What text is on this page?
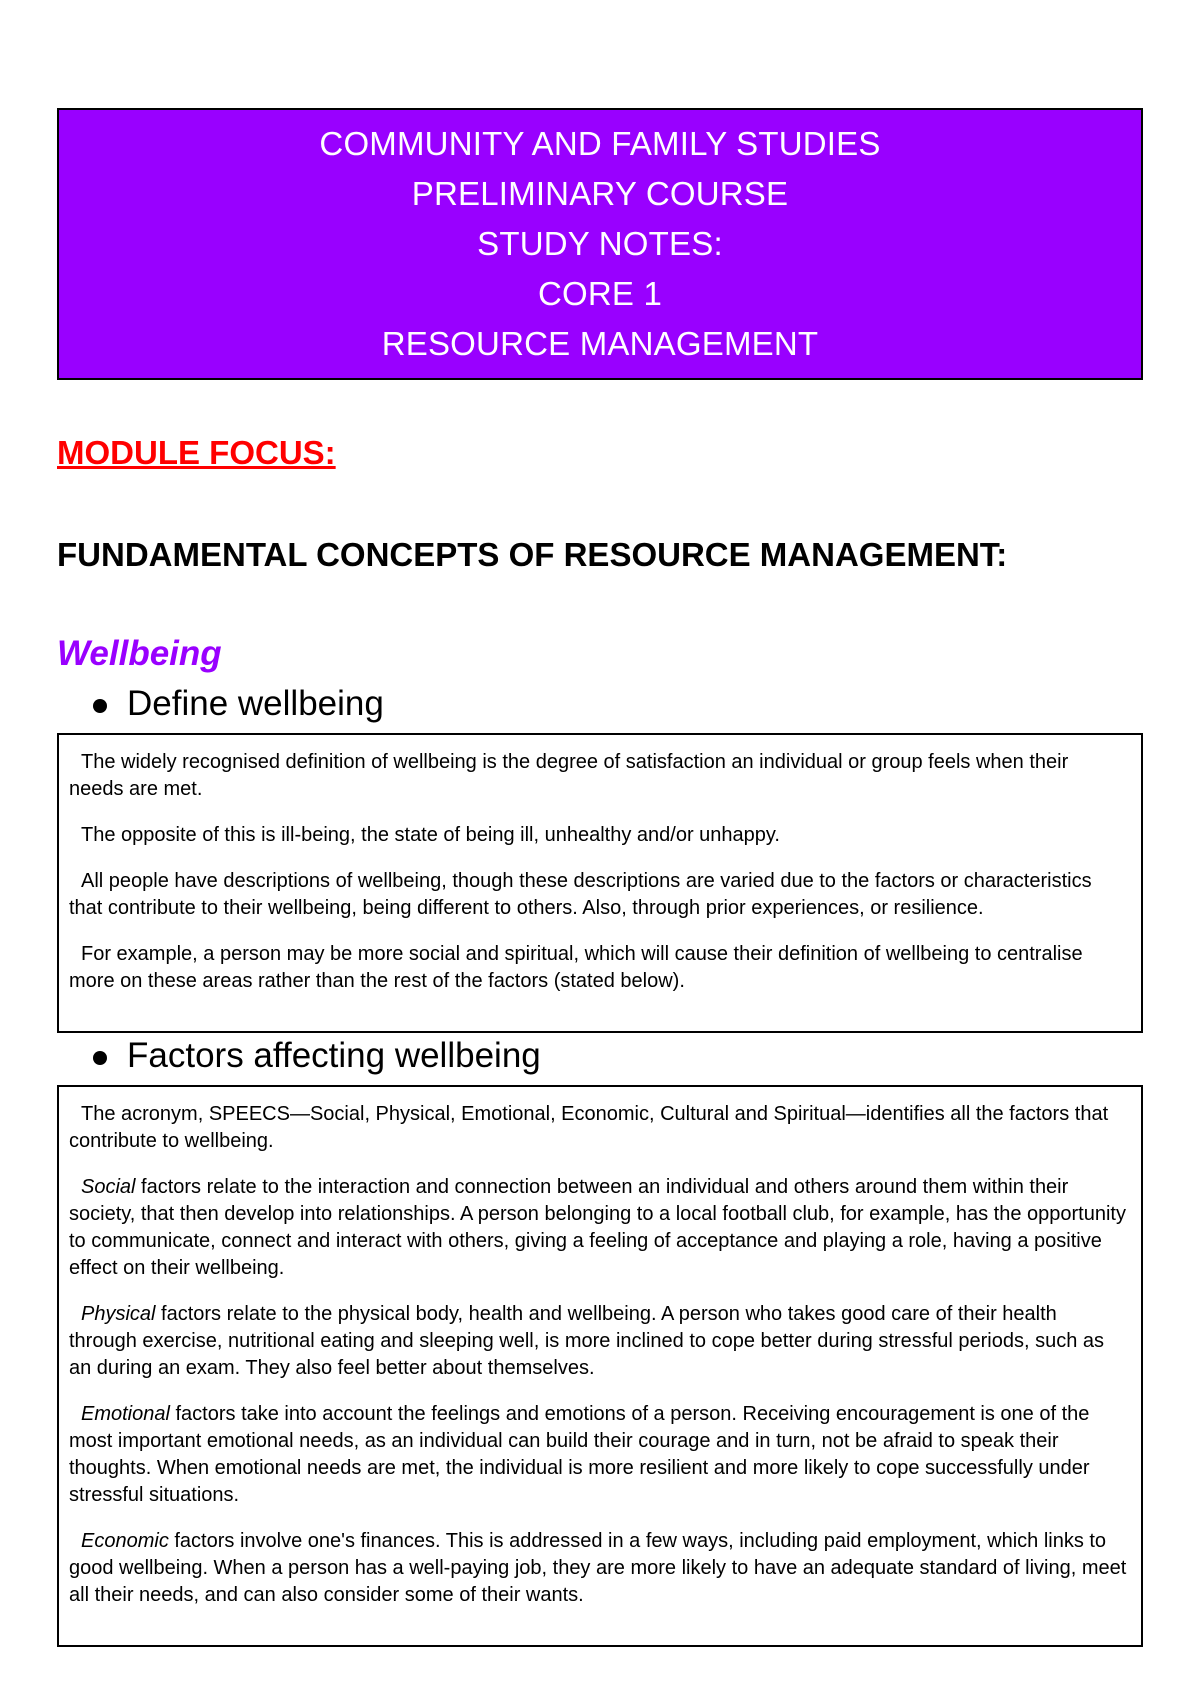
COMMUNITY AND FAMILY STUDIES
PRELIMINARY COURSE
STUDY NOTES:
CORE 1
RESOURCE MANAGEMENT
MODULE FOCUS:
FUNDAMENTAL CONCEPTS OF RESOURCE MANAGEMENT:
Wellbeing
Define wellbeing

The widely recognised definition of wellbeing is the degree of satisfaction an individual or group feels when their needs are met.

The opposite of this is ill-being, the state of being ill, unhealthy and/or unhappy.

All people have descriptions of wellbeing, though these descriptions are varied due to the factors or characteristics that contribute to their wellbeing, being different to others. Also, through prior experiences, or resilience.

For example, a person may be more social and spiritual, which will cause their definition of wellbeing to centralise more on these areas rather than the rest of the factors (stated below).

Factors affecting wellbeing

The acronym, SPEECS—Social, Physical, Emotional, Economic, Cultural and Spiritual—identifies all the factors that contribute to wellbeing.

Social factors relate to the interaction and connection between an individual and others around them within their society, that then develop into relationships. A person belonging to a local football club, for example, has the opportunity to communicate, connect and interact with others, giving a feeling of acceptance and playing a role, having a positive effect on their wellbeing.

Physical factors relate to the physical body, health and wellbeing. A person who takes good care of their health through exercise, nutritional eating and sleeping well, is more inclined to cope better during stressful periods, such as an during an exam. They also feel better about themselves.

Emotional factors take into account the feelings and emotions of a person. Receiving encouragement is one of the most important emotional needs, as an individual can build their courage and in turn, not be afraid to speak their thoughts. When emotional needs are met, the individual is more resilient and more likely to cope successfully under stressful situations.

Economic factors involve one's finances. This is addressed in a few ways, including paid employment, which links to good wellbeing. When a person has a well-paying job, they are more likely to have an adequate standard of living, meet all their needs, and can also consider some of their wants.
